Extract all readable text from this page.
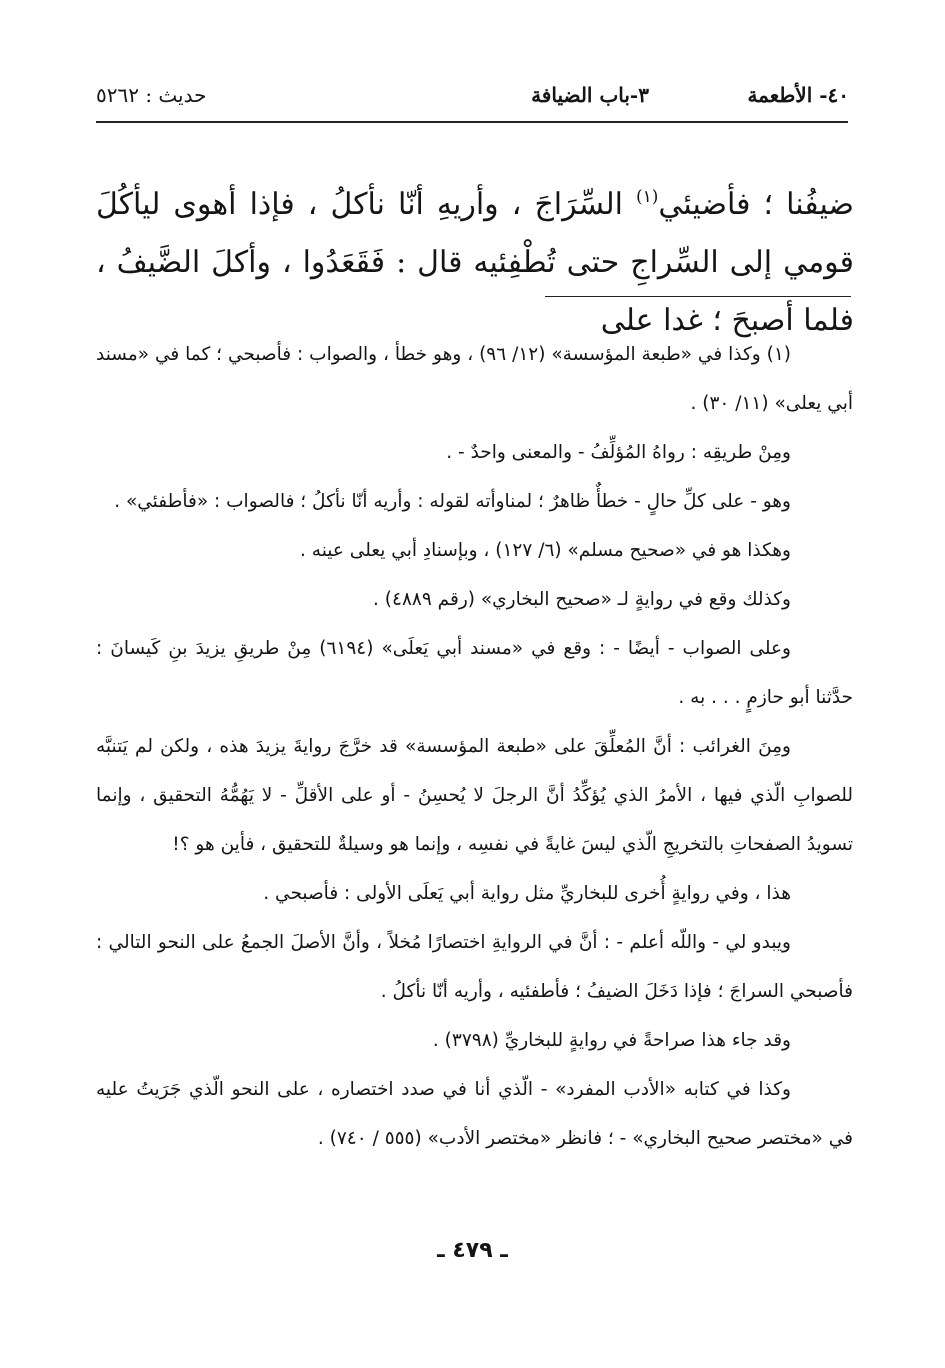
٤٠- الأطعمة
٣-باب الضيافة
حديث : ٥٢٦٢

ضيفُنا ؛ فأضيئي$^{(١)}$ السِّرَاجَ ، وأريهِ أنّا نأكلُ ، فإذا أهوى ليأكُلَ قومي إلى السِّراجِ حتى تُطْفِئيه قال : فَقَعَدُوا ، وأكلَ الضَّيفُ ، فلما أصبحَ ؛ غدا على

(١) وكذا في «طبعة المؤسسة» (١٢/ ٩٦) ، وهو خطأ ، والصواب : فأصبحي ؛ كما في «مسند أبي يعلى» (١١/ ٣٠) .

ومِنْ طريقِه : رواهُ المُؤلِّفُ - والمعنى واحدٌ - .

وهو - على كلِّ حالٍ - خطأٌ ظاهرٌ ؛ لمناوأته لقوله : وأريه أنّا نأكلُ ؛ فالصواب : «فأطفئي» .

وهكذا هو في «صحيح مسلم» (٦/ ١٢٧) ، وبإسنادِ أبي يعلى عينه .

وكذلك وقع في روايةٍ لـ «صحيح البخاري» (رقم ٤٨٨٩) .

وعلى الصواب - أيضًا - : وقع في «مسند أبي يَعلَى» (٦١٩٤) مِنْ طريقِ يزيدَ بنِ كَيسانَ : حدَّثنا أبو حازمٍ . . . به .

ومِنَ الغرائب : أنَّ المُعلِّقَ على «طبعة المؤسسة» قد خرَّجَ روايةَ يزيدَ هذه ، ولكن لم يَتنبَّه للصوابِ الّذي فيها ، الأمرُ الذي يُؤكِّدُ أنَّ الرجلَ لا يُحسِنُ - أو على الأقلِّ - لا يَهُمُّهُ التحقيق ، وإنما تسويدُ الصفحاتِ بالتخريجِ الّذي ليسَ غايةً في نفسِه ، وإنما هو وسيلةٌ للتحقيق ، فأين هو ؟!

هذا ، وفي روايةٍ أُخرى للبخاريِّ مثل رواية أبي يَعلَى الأولى : فأصبحي .

ويبدو لي - واللّه أعلم - : أنَّ في الروايةِ اختصارًا مُخلاً ، وأنَّ الأصلَ الجمعُ على النحو التالي : فأصبحي السراجَ ؛ فإذا دَخَلَ الضيفُ ؛ فأطفئيه ، وأريه أنّا نأكلُ .

وقد جاء هذا صراحةً في روايةٍ للبخاريِّ (٣٧٩٨) .

وكذا في كتابه «الأدب المفرد» - الّذي أنا في صدد اختصاره ، على النحو الّذي جَرَيتُ عليه في «مختصر صحيح البخاري» - ؛ فانظر «مختصر الأدب» (٥٥٥ / ٧٤٠) .

ـ ٤٧٩ ـ
